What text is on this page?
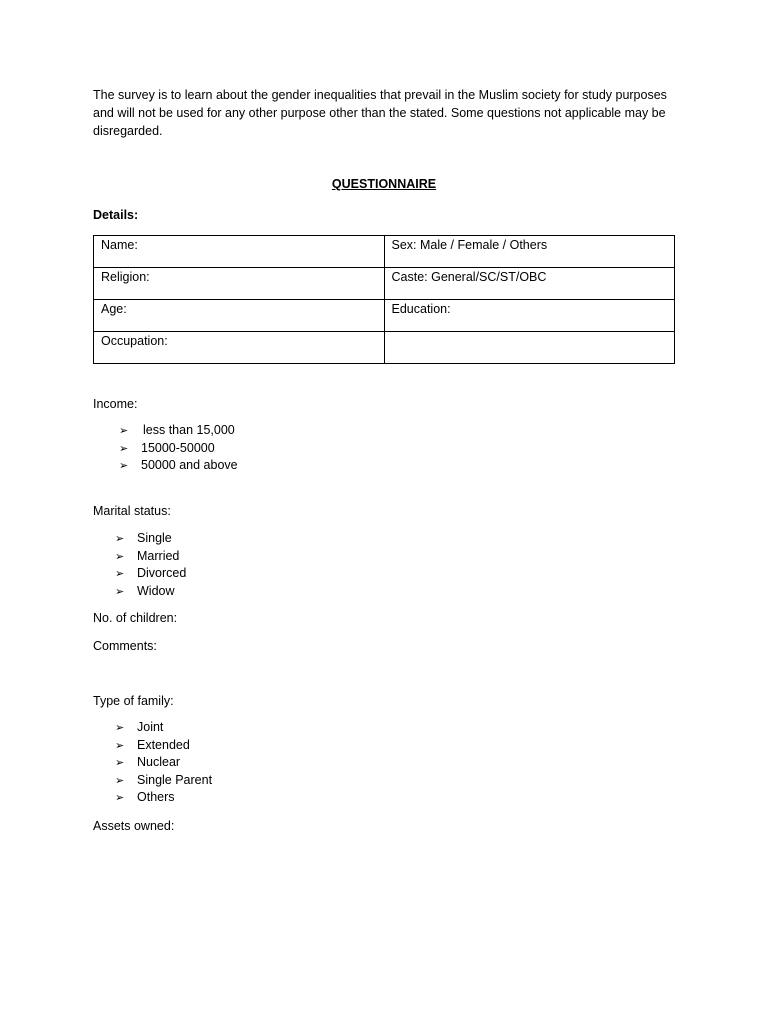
The survey is to learn about the gender inequalities that prevail in the Muslim society for study purposes and will not be used for any other purpose other than the stated. Some questions not applicable may be disregarded.

QUESTIONNAIRE

Details:

Name:	Sex: Male / Female / Others
Religion:	Caste: General/SC/ST/OBC
Age:	Education:
Occupation:	

Income:

➢ less than 15,000
➢ 15000-50000
➢ 50000 and above

Marital status:

➢ Single
➢ Married
➢ Divorced
➢ Widow

No. of children:

Comments:

Type of family:

➢ Joint
➢ Extended
➢ Nuclear
➢ Single Parent
➢ Others

Assets owned:
